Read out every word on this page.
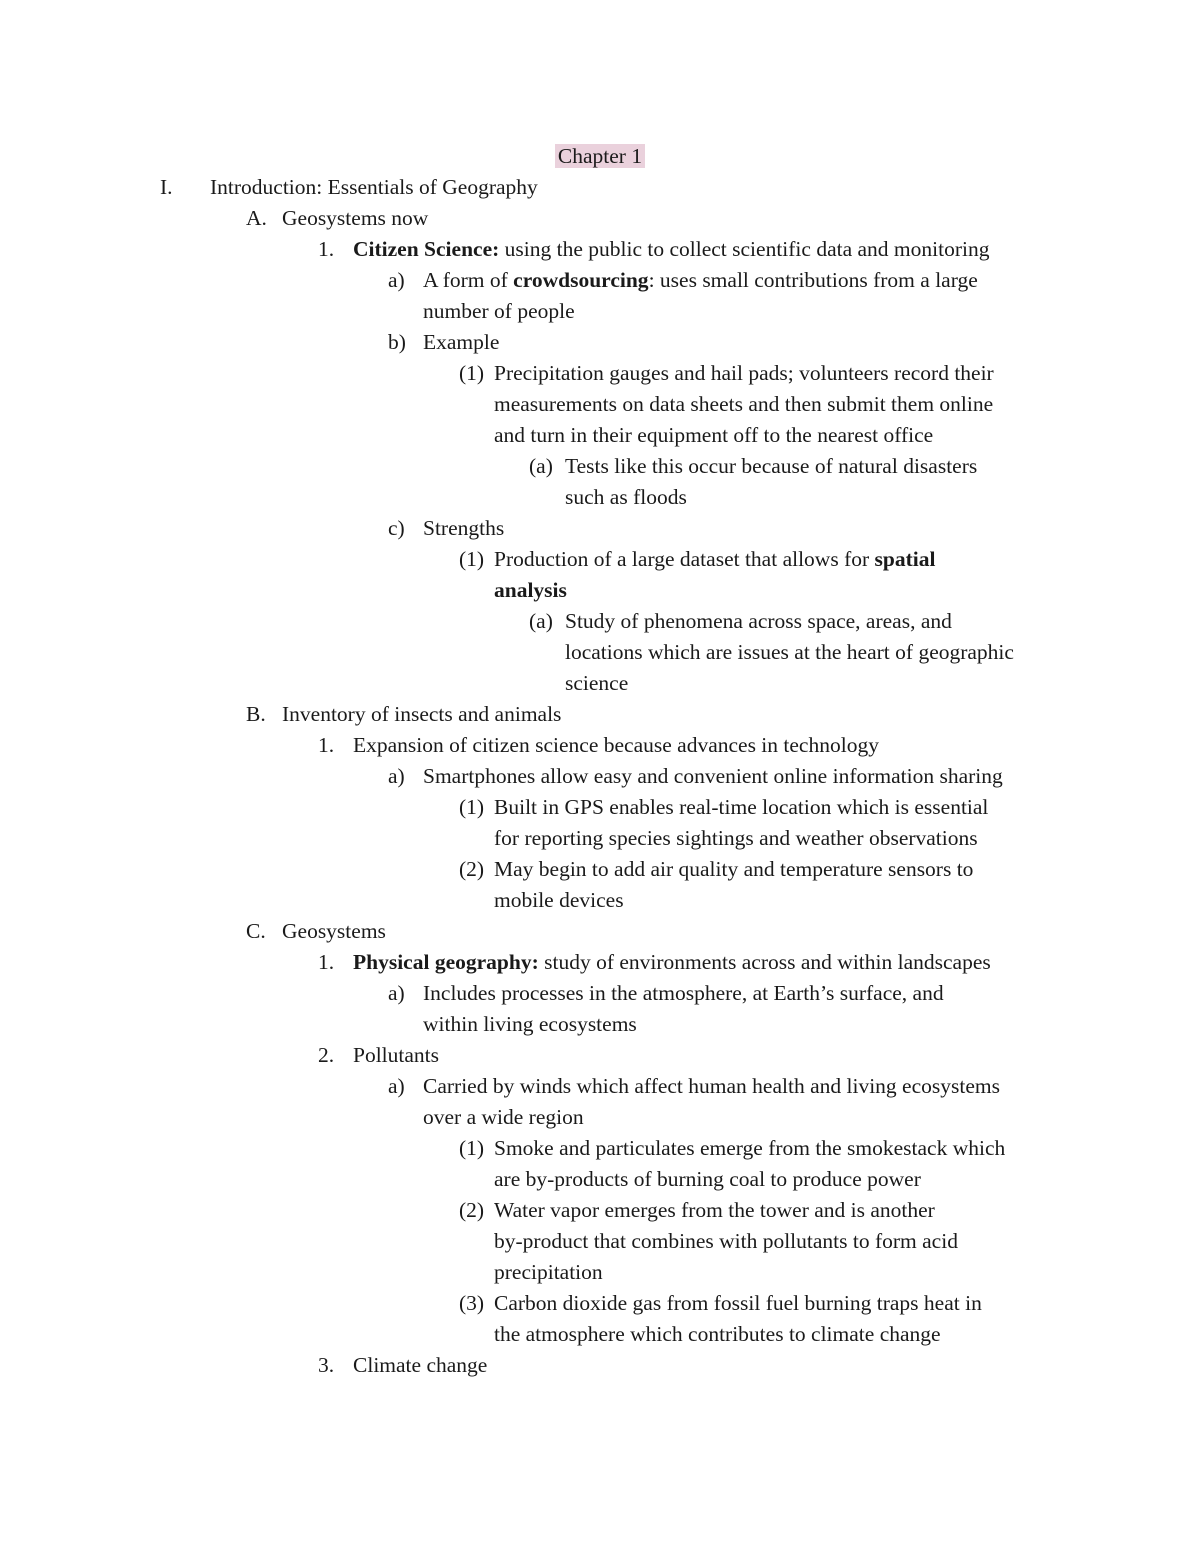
Chapter 1
I. Introduction: Essentials of Geography
A. Geosystems now
1. Citizen Science: using the public to collect scientific data and monitoring
a) A form of crowdsourcing: uses small contributions from a large
number of people
b) Example
(1) Precipitation gauges and hail pads; volunteers record their
measurements on data sheets and then submit them online
and turn in their equipment off to the nearest office
(a) Tests like this occur because of natural disasters
such as floods
c) Strengths
(1) Production of a large dataset that allows for spatial
analysis
(a) Study of phenomena across space, areas, and
locations which are issues at the heart of geographic
science
B. Inventory of insects and animals
1. Expansion of citizen science because advances in technology
a) Smartphones allow easy and convenient online information sharing
(1) Built in GPS enables real-time location which is essential
for reporting species sightings and weather observations
(2) May begin to add air quality and temperature sensors to
mobile devices
C. Geosystems
1. Physical geography: study of environments across and within landscapes
a) Includes processes in the atmosphere, at Earth’s surface, and
within living ecosystems
2. Pollutants
a) Carried by winds which affect human health and living ecosystems
over a wide region
(1) Smoke and particulates emerge from the smokestack which
are by-products of burning coal to produce power
(2) Water vapor emerges from the tower and is another
by-product that combines with pollutants to form acid
precipitation
(3) Carbon dioxide gas from fossil fuel burning traps heat in
the atmosphere which contributes to climate change
3. Climate change
